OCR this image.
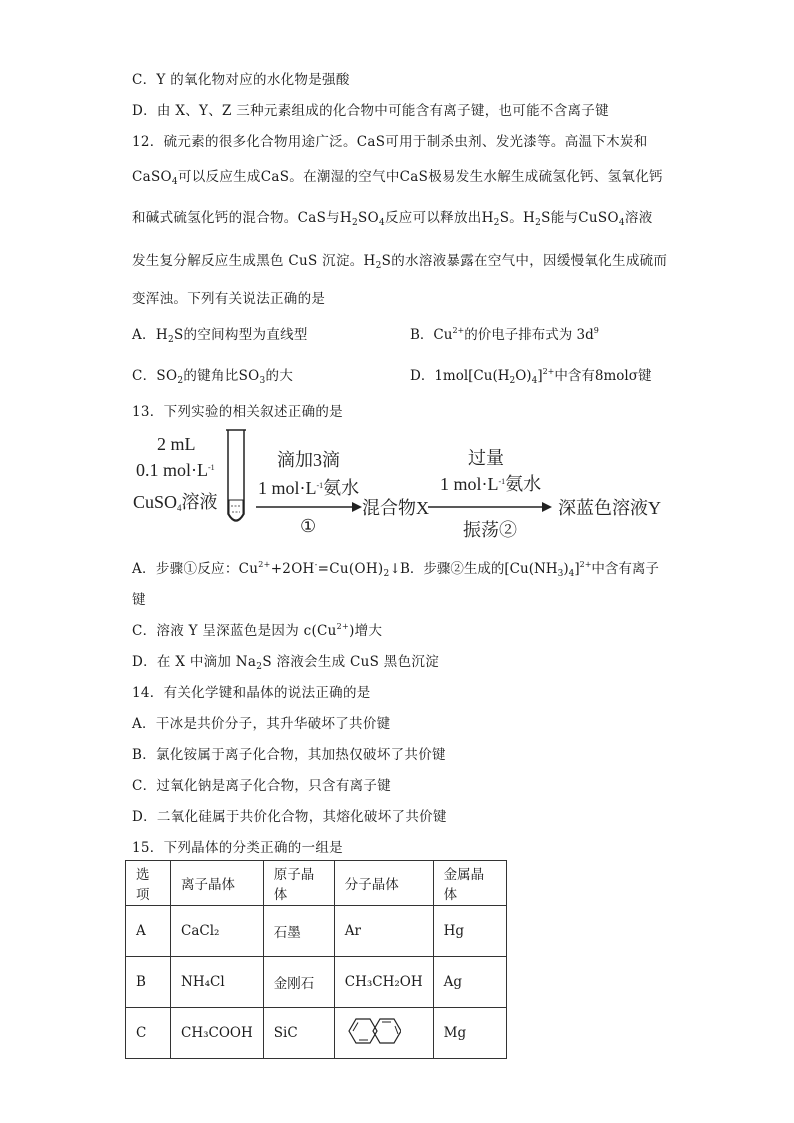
C．Y 的氧化物对应的水化物是强酸
D．由 X、Y、Z 三种元素组成的化合物中可能含有离子键，也可能不含离子键
12．硫元素的很多化合物用途广泛。CaS可用于制杀虫剂、发光漆等。高温下木炭和
CaSO$_4$可以反应生成CaS。在潮湿的空气中CaS极易发生水解生成硫氢化钙、氢氧化钙
和碱式硫氢化钙的混合物。CaS与$H_2SO_4$反应可以释放出$H_2S$。$H_2S$能与CuSO$_4$溶液
发生复分解反应生成黑色 CuS 沉淀。$H_2S$的水溶液暴露在空气中，因缓慢氧化生成硫而
变浑浊。下列有关说法正确的是
A．$H_2S$的空间构型为直线型	B．$Cu^{2+}$的价电子排布式为 $3d^9$
C．$SO_2$的键角比$SO_3$的大	D．$1mol[Cu(H_2O)_4]^{2+}$中含有8molσ键
13．下列实验的相关叙述正确的是
2 mL
0.1 $mol\cdot L^{-1}$
CuSO$_4$溶液
滴加3滴
1 $mol\cdot L^{-1}$氨水
①
混合物X
过量
1 $mol\cdot L^{-1}$氨水
振荡②
深蓝色溶液Y
A．步骤①反应：$Cu^{2+}+2OH^-=Cu(OH)_2↓$
B．步骤②生成的$[Cu(NH_3)_4]^{2+}$中含有离子
键
C．溶液 Y 呈深蓝色是因为 $c(Cu^{2+})$增大
D．在 X 中滴加 $Na_2S$ 溶液会生成 CuS 黑色沉淀
14．有关化学键和晶体的说法正确的是
A．干冰是共价分子，其升华破坏了共价键
B．氯化铵属于离子化合物，其加热仅破坏了共价键
C．过氧化钠是离子化合物，只含有离子键
D．二氧化硅属于共价化合物，其熔化破坏了共价键
15．下列晶体的分类正确的一组是
选项	离子晶体	原子晶体	分子晶体	金属晶体
A	CaCl₂	石墨	Ar	Hg
B	NH₄Cl	金刚石	CH₃CH₂OH	Ag
C	CH₃COOH	SiC		Mg
